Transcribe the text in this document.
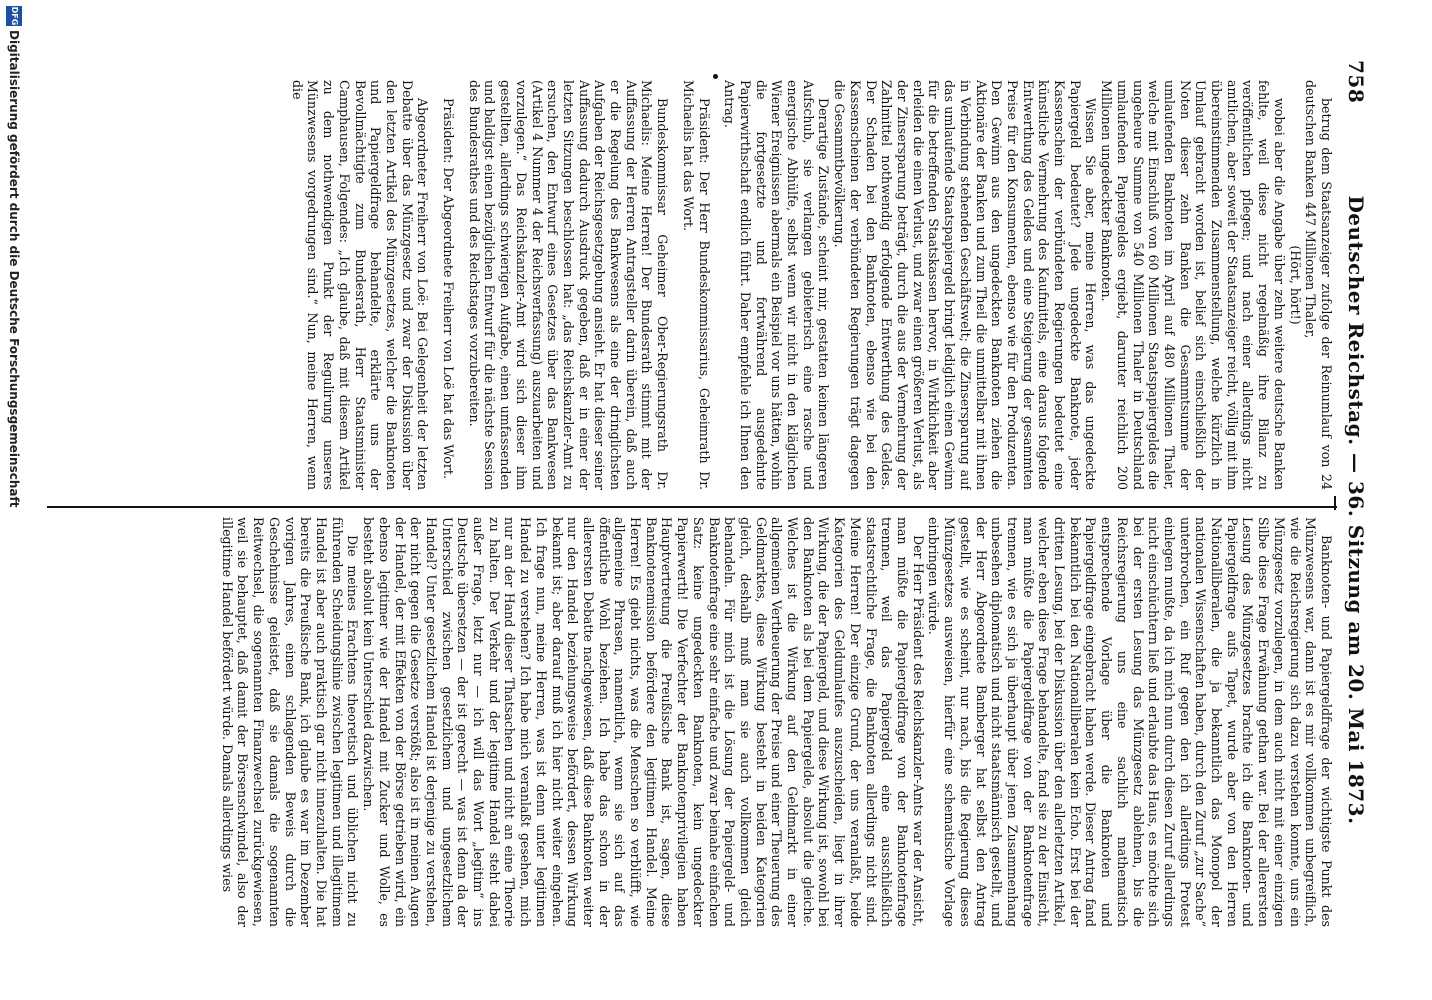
758
Deutscher Reichstag. — 36. Sitzung am 20. Mai 1873.

betrug dem Staatsanzeiger zufolge der Reinumlauf von 24 deutschen Banken 447 Millionen Thaler,

(Hört, hört!)

wobei aber die Angabe über zehn weitere deutsche Banken fehlte, weil diese nicht regelmäßig ihre Bilanz zu veröffentlichen pflegen; und nach einer allerdings nicht amtlichen, aber soweit der Staatsanzeiger reicht, völlig mit ihm übereinstimmenden Zusammenstellung, welche kürzlich in Umlauf gebracht worden ist, belief sich einschließlich der Noten dieser zehn Banken die Gesammtsumme der umlaufenden Banknoten im April auf 480 Millionen Thaler, welche mit Einschluß von 60 Millionen Staatspapiergeldes die ungeheure Summe von 540 Millionen Thaler in Deutschland umlaufenden Papiergeldes ergiebt, darunter reichlich 200 Millionen ungedeckter Banknoten.

Wissen Sie aber, meine Herren, was das ungedeckte Papiergeld bedeutet? Jede ungedeckte Banknote, jeder Kassenschein der verbündeten Regierungen bedeutet eine künstliche Vermehrung des Kaufmittels, eine daraus folgende Entwerthung des Geldes und eine Steigerung der gesammten Preise für den Konsumenten, ebenso wie für den Produzenten. Den Gewinn aus den ungedeckten Banknoten ziehen die Aktionäre der Banken und zum Theil die unmittelbar mit ihnen in Verbindung stehenden Geschäftswelt; die Zinsersparung auf das umlaufende Staatspapiergeld bringt lediglich einen Gewinn für die betreffenden Staatskassen hervor, in Wirklichkeit aber erleiden die einen Verlust, und zwar einen größeren Verlust, als der Zinsersparung beträgt, durch die aus der Vermehrung der Zahlmittel nothwendig erfolgende Entwerthung des Geldes. Der Schaden bei den Banknoten, ebenso wie bei den Kassenscheinen der verbündeten Regierungen trägt dagegen die Gesammtbevölkerung.

Derartige Zustände, scheint mir, gestatten keinen längeren Aufschub, sie verlangen gebieterisch eine rasche und energische Abhülfe, selbst wenn wir nicht in den kläglichen Wiener Ereignissen abermals ein Beispiel vor uns hätten, wohin die fortgesetzte und fortwährend ausgedehnte Papierwirthschaft endlich führt. Daher empfehle ich Ihnen den Antrag.

Präsident: Der Herr Bundeskommissarius, Geheimrath Dr. Michaelis hat das Wort.

Bundeskommissar Geheimer Ober-Regierungsrath Dr. Michaelis: Meine Herren! Der Bundesrath stimmt mit der Auffassung der Herren Antragsteller darin überein, daß auch er die Regelung des Bankwesens als eine der dringlichsten Aufgaben der Reichsgesetzgebung ansieht. Er hat dieser seiner Auffassung dadurch Ausdruck gegeben, daß er in einer der letzten Sitzungen beschlossen hat: „das Reichskanzler-Amt zu ersuchen, den Entwurf eines Gesetzes über das Bankwesen (Artikel 4 Nummer 4 der Reichsverfassung) auszuarbeiten und vorzulegen.“ Das Reichskanzler-Amt wird sich dieser ihm gestellten, allerdings schwierigen Aufgabe, einen umfassenden und baldigst einen bezüglichen Entwurf für die nächste Session des Bundesrathes und des Reichstages vorzubereiten.

Präsident: Der Abgeordnete Freiherr von Loë hat das Wort.

Abgeordneter Freiherr von Loë: Bei Gelegenheit der letzten Debatte über das Münzgesetz und zwar der Diskussion über den letzten Artikel des Münzgesetzes, welcher die Banknoten und Papiergeldfrage behandelte, erklärte uns der Bevollmächtigte zum Bundesrath, Herr Staatsminister Camphausen, Folgendes: „Ich glaube, daß mit diesem Artikel zu dem nothwendigen Punkt der Regulirung unseres Münzwesens vorgedrungen sind.“ Nun, meine Herren, wenn die

Banknoten- und Papiergeldfrage der wichtigste Punkt des Münzwesens war, dann ist es mir vollkommen unbegreiflich, wie die Reichsregierung sich dazu verstehen konnte, uns ein Münzgesetz vorzulegen, in dem auch nicht mit einer einzigen Silbe diese Frage Erwähnung gethan war. Bei der allerersten Lesung des Münzgesetzes brachte ich die Banknoten- und Papiergeldfrage aufs Tapet, wurde aber von den Herren Nationalliberalen, die ja bekanntlich das Monopol der nationalen Wissenschaften haben, durch den Zuruf „zur Sache“ unterbrochen, ein Ruf gegen den ich allerdings Protest einlegen mußte, da ich mich nun durch diesen Zuruf allerdings nicht einschüchtern ließ und erlaubte das Haus, es möchte sich bei der ersten Lesung das Münzgesetz ablehnen, bis die Reichsregierung uns eine sachlich mathematisch entsprechende Vorlage über die Banknoten und Papiergeldfrage eingebracht haben werde. Dieser Antrag fand bekanntlich bei den Nationalliberalen kein Echo. Erst bei der dritten Lesung, bei der Diskussion über den allerletzten Artikel, welcher eben diese Frage behandelte, fand sie zu der Einsicht, man müßte die Papiergeldfrage von der Banknotenfrage trennen, wie es sich ja überhaupt über jenen Zusammenhang unbesehen diplomatisch und nicht staatsmännisch gestellt, und der Herr Abgeordnete Bamberger hat selbst den Antrag gestellt, wie es scheint, nur nach, bis die Regierung dieses Münzgesetzes ausweisen, hierfür eine schematische Vorlage einbringen würde.

Der Herr Präsident des Reichskanzler-Amts war der Ansicht, man müßte die Papiergeldfrage von der Banknotenfrage trennen, weil das Papiergeld eine ausschließlich staatsrechtliche Frage, die Banknoten allerdings nicht sind. Meine Herren! Der einzige Grund, der uns veranlaßt, beide Kategorien des Geldumlaufes auszuscheiden, liegt in ihrer Wirkung, die der Papiergeld, und diese Wirkung ist, sowohl bei den Banknoten als bei dem Papiergelde, absolut die gleiche. Welches ist die Wirkung auf den Geldmarkt in einer allgemeinen Vertheuerung der Preise und einer Theuerung des Geldmarktes, diese Wirkung besteht in beiden Kategorien gleich, deshalb muß man sie auch vollkommen gleich behandeln. Für mich ist die Lösung der Papiergeld- und Banknotenfrage eine sehr einfache und zwar beinahe einfachen Satz: keine ungedeckten Banknoten, kein ungedeckter Papierwerth! Die Verfechter der Banknotenprivilegien haben Hauptvertretung die Preußische Bank ist, sagen, diese Banknotenemission befördere den legitimen Handel. Meine Herren! Es giebt nichts, was die Menschen so verblüfft, wie allgemeine Phrasen, namentlich, wenn sie sich auf das öffentliche Wohl beziehen. Ich habe das schon in der allerersten Debatte nachgewiesen, daß diese Banknoten weiter nur den Handel beziehungsweise befördert, dessen Wirkung bekannt ist; aber darauf muß ich hier nicht weiter eingehen. Ich frage nun, meine Herren, was ist denn unter legitimen Handel zu verstehen? Ich habe mich veranlaßt gesehen, mich nur an der Hand dieser Thatsachen und nicht an eine Theorie zu halten. Der Verkehr und der legitime Handel steht dabei außer Frage, letzt nur — ich will das Wort „legitim“ ins Deutsche übersetzen — der ist gerecht — was ist denn da der Unterschied zwischen gesetzlichem und ungesetzlichem Handel? Unter gesetzlichem Handel ist derjenige zu verstehen, der nicht gegen die Gesetze verstößt; also ist in meinen Augen der Handel, der mit Effekten von der Börse getrieben wird, ein ebenso legitimer wie der Handel mit Zucker und Wolle, es besteht absolut kein Unterschied dazwischen.

Die meines Erachtens theoretisch und üblichen nicht zu führenden Scheidungslinie zwischen legitimen und illegitimem Handel ist aber auch praktisch gar nicht innezuhalten. Die hat bereits die Preußische Bank, ich glaube es war im Dezember vorigen Jahres, einen schlagenden Beweis durch die Geschehnisse geleistet, daß sie damals die sogenannten Reitwechsel, die sogenannten Finanzwechsel zurückgewiesen, weil sie behauptet, daß damit der Börsenschwindel, also der illegitime Handel befördert würde. Damals allerdings wies

DFG
Digitalisierung gefördert durch die Deutsche Forschungsgemeinschaft
